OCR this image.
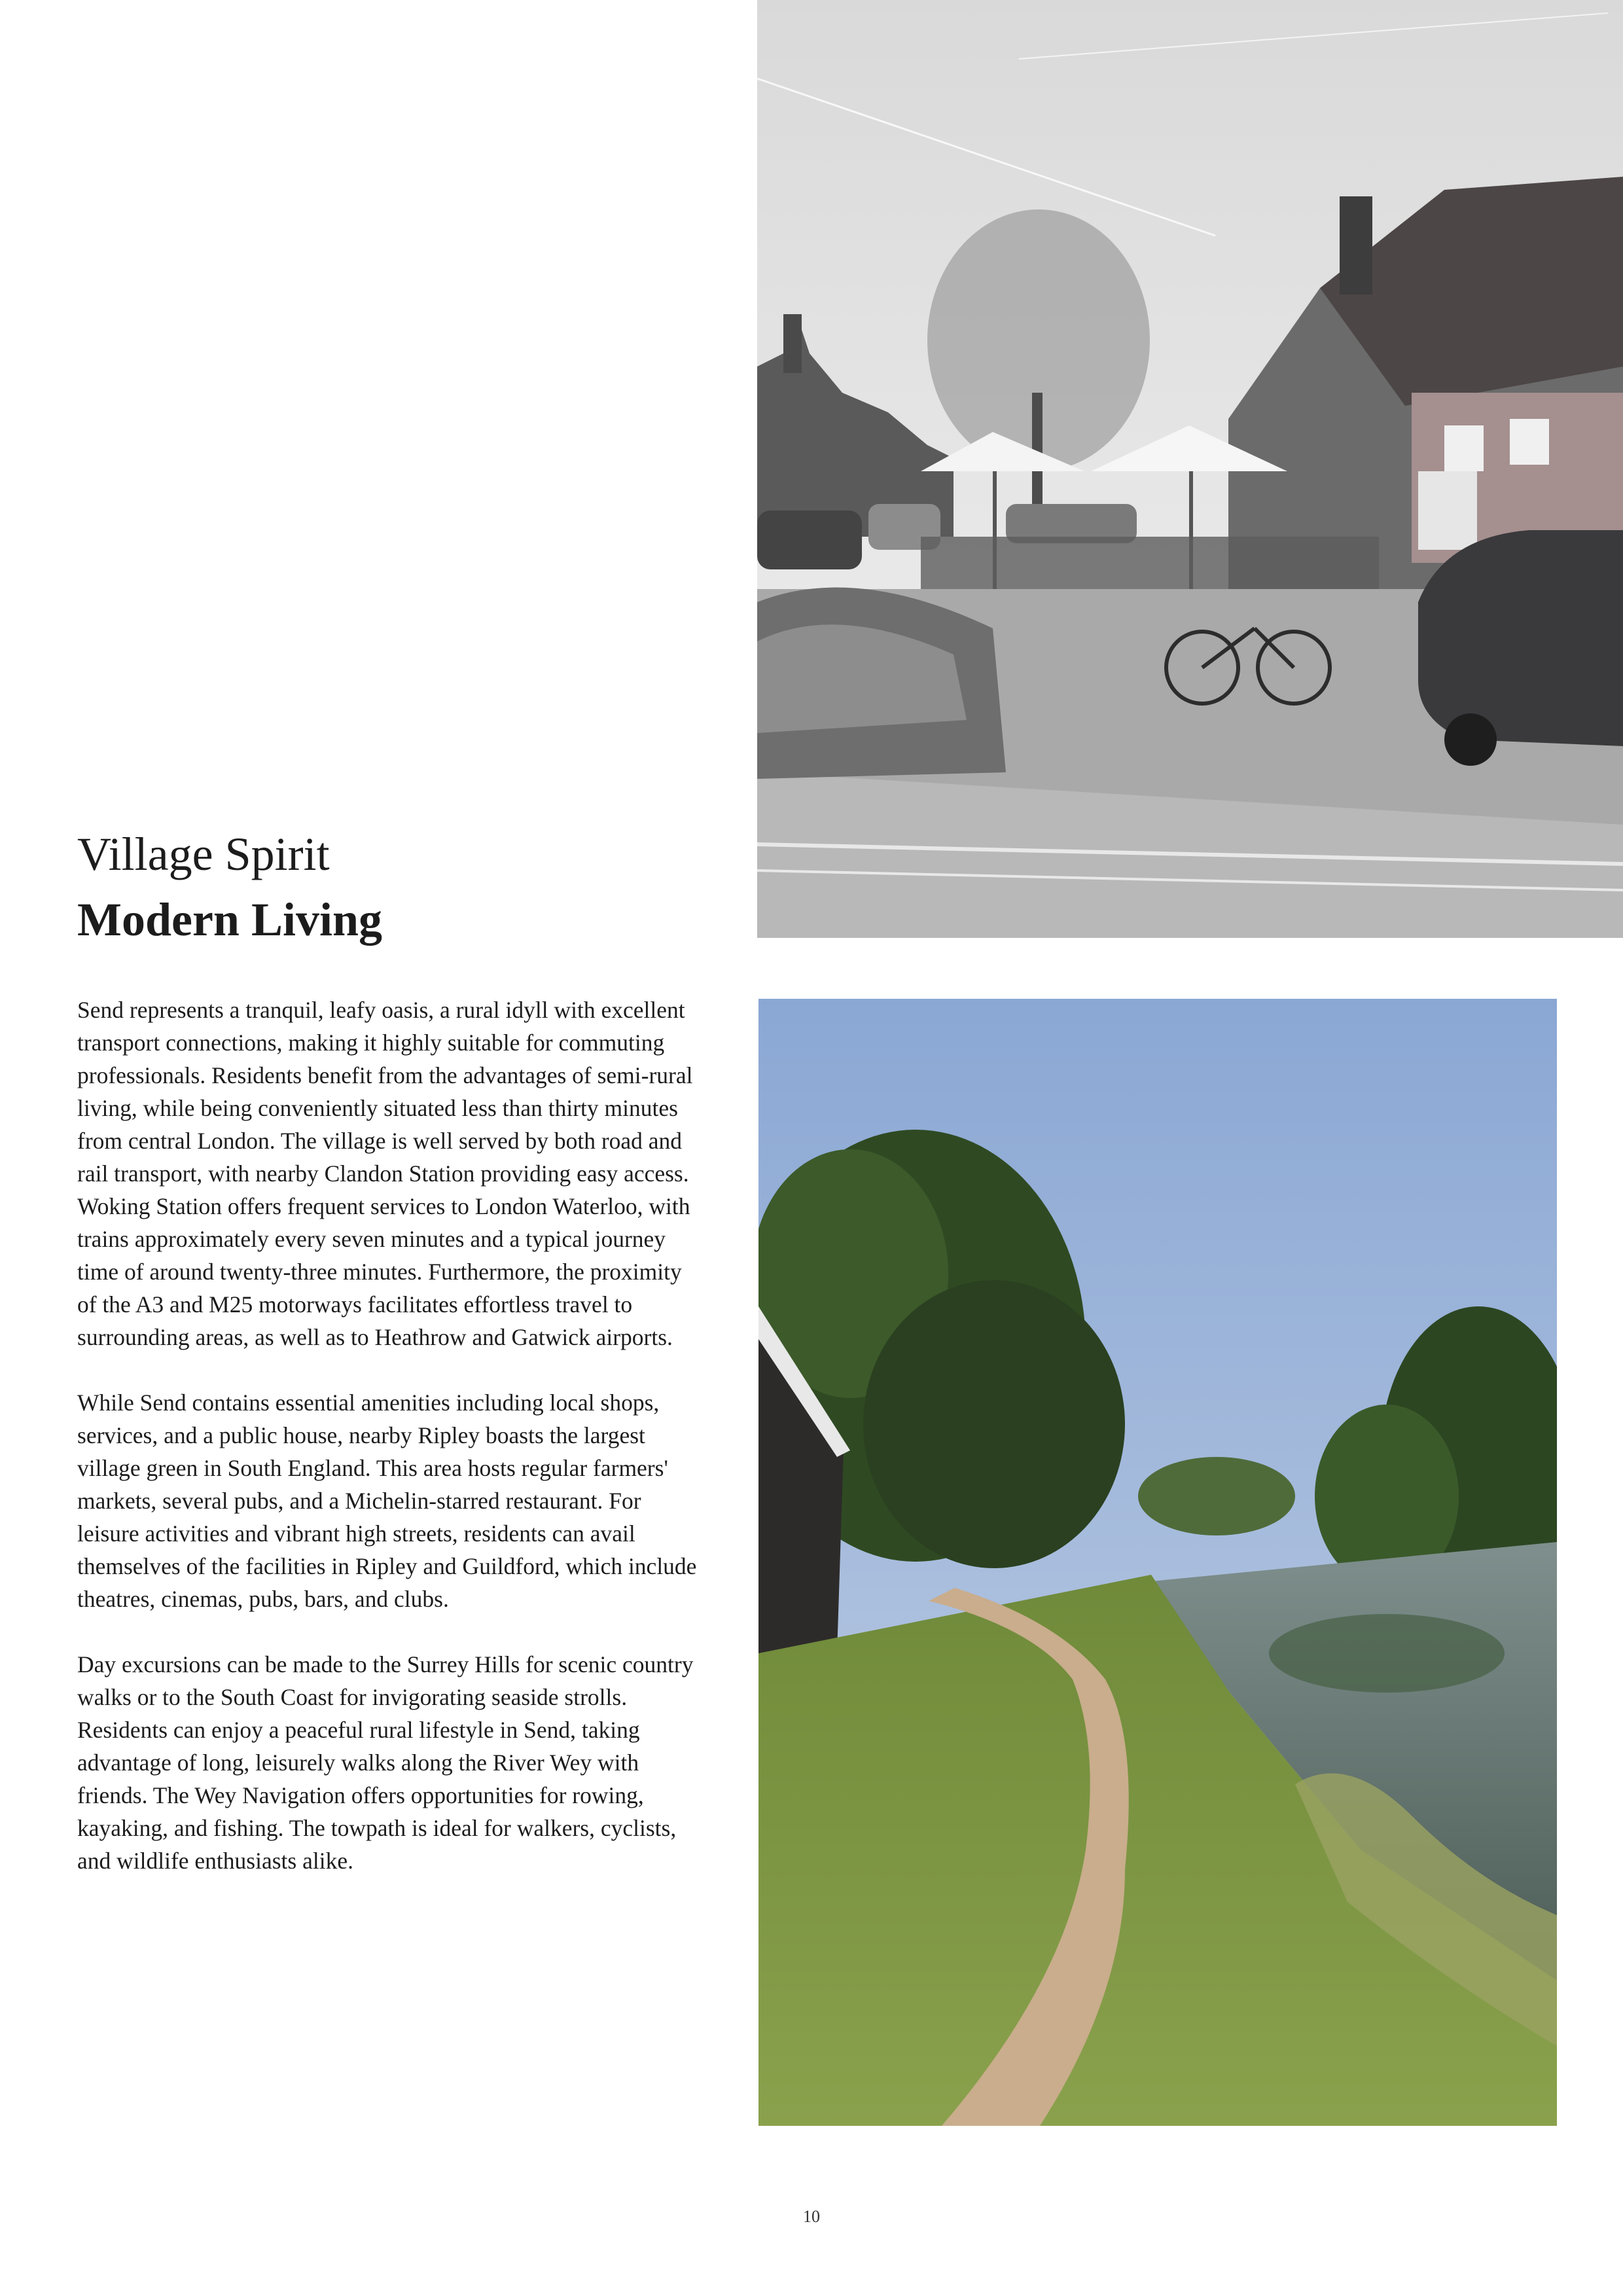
Village Spirit
Modern Living

Send represents a tranquil, leafy oasis, a rural idyll with excellent transport connections, making it highly suitable for commuting professionals. Residents benefit from the advantages of semi-rural living, while being conveniently situated less than thirty minutes from central London. The village is well served by both road and rail transport, with nearby Clandon Station providing easy access. Woking Station offers frequent services to London Waterloo, with trains approximately every seven minutes and a typical journey time of around twenty-three minutes. Furthermore, the proximity of the A3 and M25 motorways facilitates effortless travel to surrounding areas, as well as to Heathrow and Gatwick airports.

While Send contains essential amenities including local shops, services, and a public house, nearby Ripley boasts the largest village green in South England. This area hosts regular farmers' markets, several pubs, and a Michelin-starred restaurant. For leisure activities and vibrant high streets, residents can avail themselves of the facilities in Ripley and Guildford, which include theatres, cinemas, pubs, bars, and clubs.

Day excursions can be made to the Surrey Hills for scenic country walks or to the South Coast for invigorating seaside strolls. Residents can enjoy a peaceful rural lifestyle in Send, taking advantage of long, leisurely walks along the River Wey with friends. The Wey Navigation offers opportunities for rowing, kayaking, and fishing. The towpath is ideal for walkers, cyclists, and wildlife enthusiasts alike.

10
